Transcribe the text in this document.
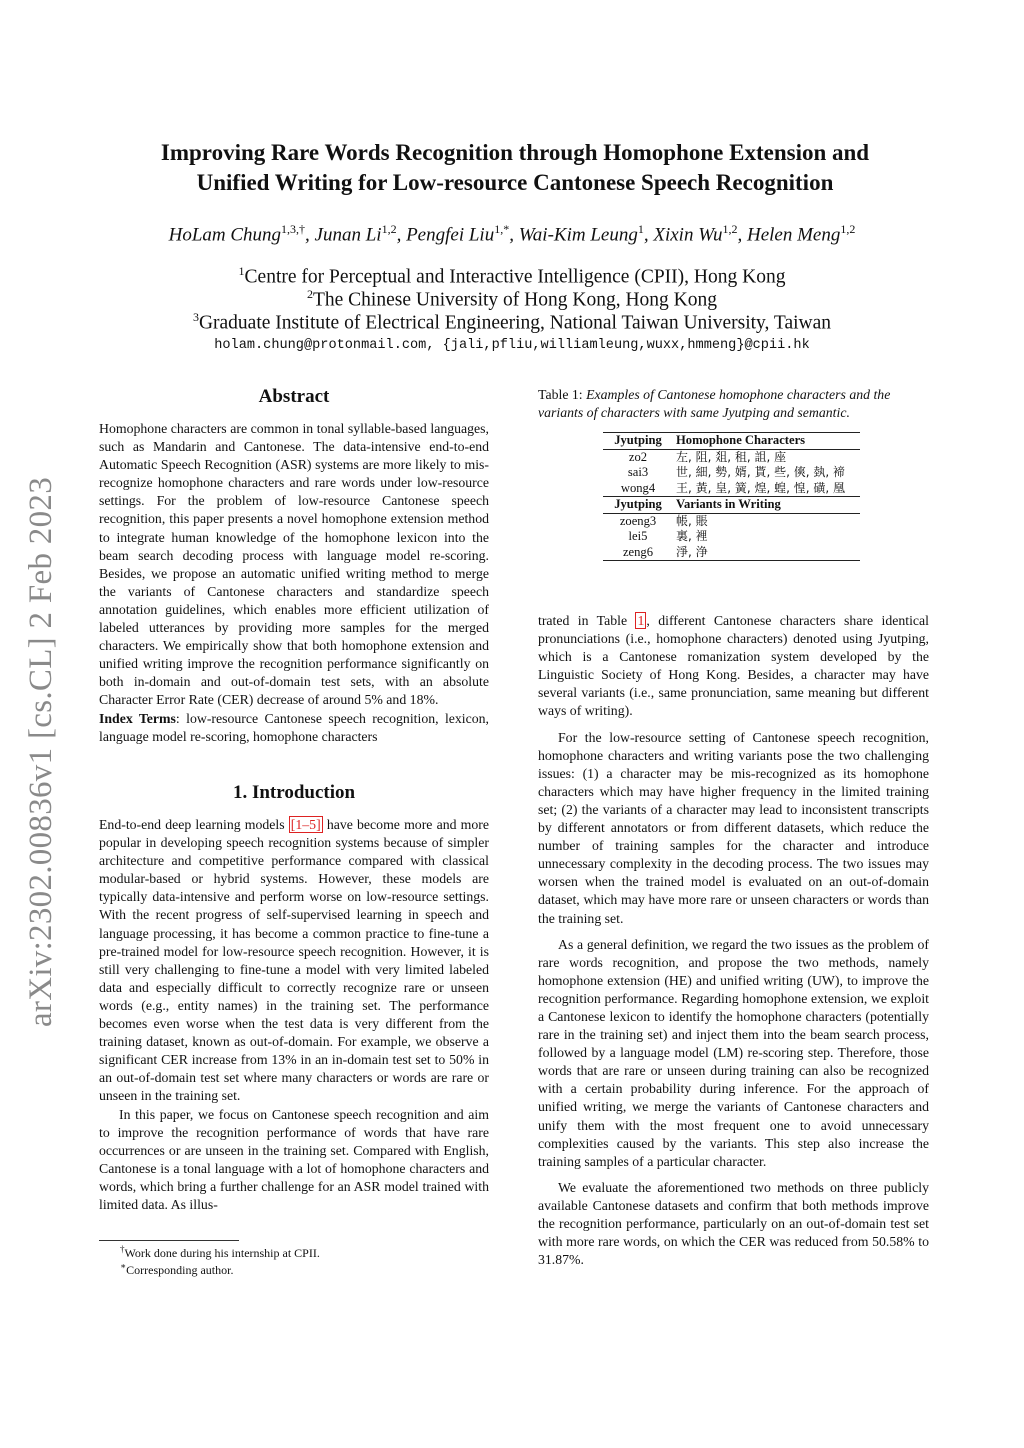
arXiv:2302.00836v1 [cs.CL] 2 Feb 2023
Improving Rare Words Recognition through Homophone Extension and
Unified Writing for Low-resource Cantonese Speech Recognition
HoLam Chung$^{1,3,\dagger}$, Junan Li$^{1,2}$, Pengfei Liu$^{1,*}$, Wai-Kim Leung$^1$, Xixin Wu$^{1,2}$, Helen Meng$^{1,2}$
$^1$Centre for Perceptual and Interactive Intelligence (CPII), Hong Kong
$^2$The Chinese University of Hong Kong, Hong Kong
$^3$Graduate Institute of Electrical Engineering, National Taiwan University, Taiwan
holam.chung@protonmail.com, {jali,pfliu,williamleung,wuxx,hmmeng}@cpii.hk
Abstract

Homophone characters are common in tonal syllable-based languages, such as Mandarin and Cantonese. The data-intensive end-to-end Automatic Speech Recognition (ASR) systems are more likely to mis-recognize homophone characters and rare words under low-resource settings. For the problem of low-resource Cantonese speech recognition, this paper presents a novel homophone extension method to integrate human knowledge of the homophone lexicon into the beam search decoding process with language model re-scoring. Besides, we propose an automatic unified writing method to merge the variants of Cantonese characters and standardize speech annotation guidelines, which enables more efficient utilization of labeled utterances by providing more samples for the merged characters. We empirically show that both homophone extension and unified writing improve the recognition performance significantly on both in-domain and out-of-domain test sets, with an absolute Character Error Rate (CER) decrease of around 5% and 18%.

Index Terms: low-resource Cantonese speech recognition, lexicon, language model re-scoring, homophone characters

1. Introduction

End-to-end deep learning models [1–5] have become more and more popular in developing speech recognition systems because of simpler architecture and competitive performance compared with classical modular-based or hybrid systems. However, these models are typically data-intensive and perform worse on low-resource settings. With the recent progress of self-supervised learning in speech and language processing, it has become a common practice to fine-tune a pre-trained model for low-resource speech recognition. However, it is still very challenging to fine-tune a model with very limited labeled data and especially difficult to correctly recognize rare or unseen words (e.g., entity names) in the training set. The performance becomes even worse when the test data is very different from the training dataset, known as out-of-domain. For example, we observe a significant CER increase from 13% in an in-domain test set to 50% in an out-of-domain test set where many characters or words are rare or unseen in the training set.

In this paper, we focus on Cantonese speech recognition and aim to improve the recognition performance of words that have rare occurrences or are unseen in the training set. Compared with English, Cantonese is a tonal language with a lot of homophone characters and words, which bring a further challenge for an ASR model trained with limited data. As illus-

†Work done during his internship at CPII.
∗Corresponding author.
Table 1: Examples of Cantonese homophone characters and the variants of characters with same Jyutping and semantic.
Jyutping	Homophone Characters
zo2	左, 阻, 爼, 租, 詛, 座
sai3	世, 細, 勢, 婿, 貰, 些, 傸, 埶, 褅
wong4	王, 黃, 皇, 簧, 煌, 蝗, 惶, 磺, 凰
Jyutping	Variants in Writing
zoeng3	帳, 賬
lei5	裏, 裡
zeng6	淨, 浄

trated in Table 1 , different Cantonese characters share identical pronunciations (i.e., homophone characters) denoted using Jyutping, which is a Cantonese romanization system developed by the Linguistic Society of Hong Kong. Besides, a character may have several variants (i.e., same pronunciation, same meaning but different ways of writing).

For the low-resource setting of Cantonese speech recognition, homophone characters and writing variants pose the two challenging issues: (1) a character may be mis-recognized as its homophone characters which may have higher frequency in the limited training set; (2) the variants of a character may lead to inconsistent transcripts by different annotators or from different datasets, which reduce the number of training samples for the character and introduce unnecessary complexity in the decoding process. The two issues may worsen when the trained model is evaluated on an out-of-domain dataset, which may have more rare or unseen characters or words than the training set.

As a general definition, we regard the two issues as the problem of rare words recognition, and propose the two methods, namely homophone extension (HE) and unified writing (UW), to improve the recognition performance. Regarding homophone extension, we exploit a Cantonese lexicon to identify the homophone characters (potentially rare in the training set) and inject them into the beam search process, followed by a language model (LM) re-scoring step. Therefore, those words that are rare or unseen during training can also be recognized with a certain probability during inference. For the approach of unified writing, we merge the variants of Cantonese characters and unify them with the most frequent one to avoid unnecessary complexities caused by the variants. This step also increase the training samples of a particular character.

We evaluate the aforementioned two methods on three publicly available Cantonese datasets and confirm that both methods improve the recognition performance, particularly on an out-of-domain test set with more rare words, on which the CER was reduced from 50.58% to 31.87%.
